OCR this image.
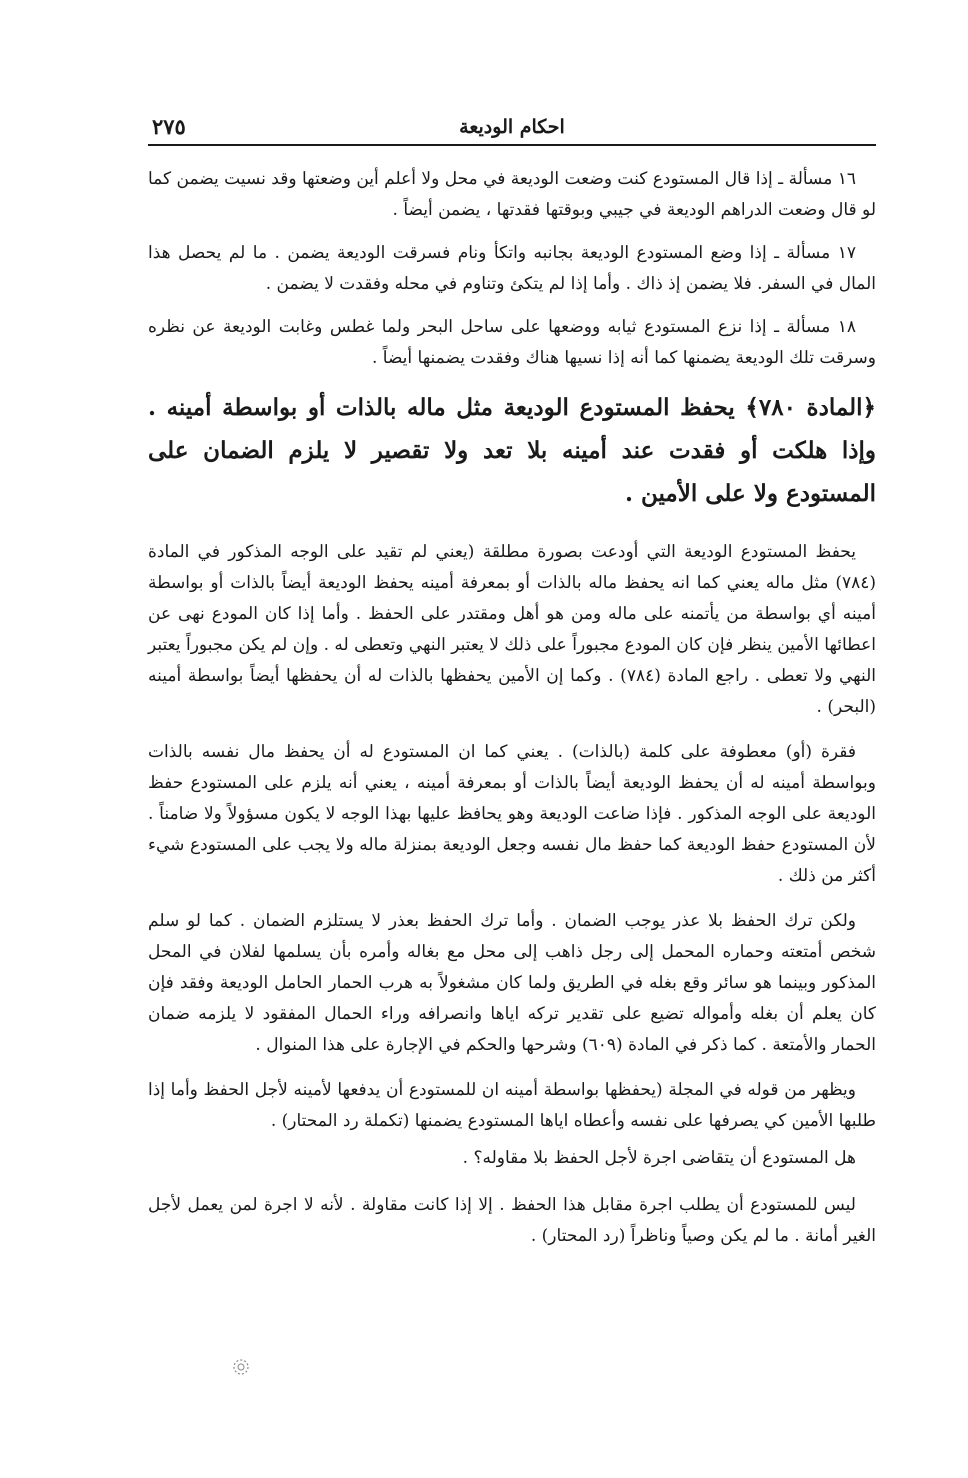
٢٧٥	احكام الوديعة

١٦ مسألة ـ إذا قال المستودع كنت وضعت الوديعة في محل ولا أعلم أين وضعتها وقد نسيت يضمن كما لو قال وضعت الدراهم الوديعة في جيبي وبوقتها فقدتها ، يضمن أيضاً .

١٧ مسألة ـ إذا وضع المستودع الوديعة بجانبه واتكأ ونام فسرقت الوديعة يضمن . ما لم يحصل هذا المال في السفر. فلا يضمن إذ ذاك . وأما إذا لم يتكئ وتناوم في محله وفقدت لا يضمن .

١٨ مسألة ـ إذا نزع المستودع ثيابه ووضعها على ساحل البحر ولما غطس وغابت الوديعة عن نظره وسرقت تلك الوديعة يضمنها كما أنه إذا نسيها هناك وفقدت يضمنها أيضاً .

﴿المادة ٧٨٠﴾ يحفظ المستودع الوديعة مثل ماله بالذات أو بواسطة أمينه . وإذا هلكت أو فقدت عند أمينه بلا تعد ولا تقصير لا يلزم الضمان على المستودع ولا على الأمين .

يحفظ المستودع الوديعة التي أودعت بصورة مطلقة (يعني لم تقيد على الوجه المذكور في المادة (٧٨٤) مثل ماله يعني كما انه يحفظ ماله بالذات أو بمعرفة أمينه يحفظ الوديعة أيضاً بالذات أو بواسطة أمينه أي بواسطة من يأتمنه على ماله ومن هو أهل ومقتدر على الحفظ . وأما إذا كان المودع نهى عن اعطائها الأمين ينظر فإن كان المودع مجبوراً على ذلك لا يعتبر النهي وتعطى له . وإن لم يكن مجبوراً يعتبر النهي ولا تعطى . راجع المادة (٧٨٤) . وكما إن الأمين يحفظها بالذات له أن يحفظها أيضاً بواسطة أمينه (البحر) .

فقرة (أو) معطوفة على كلمة (بالذات) . يعني كما ان المستودع له أن يحفظ مال نفسه بالذات وبواسطة أمينه له أن يحفظ الوديعة أيضاً بالذات أو بمعرفة أمينه ، يعني أنه يلزم على المستودع حفظ الوديعة على الوجه المذكور . فإذا ضاعت الوديعة وهو يحافظ عليها بهذا الوجه لا يكون مسؤولاً ولا ضامناً . لأن المستودع حفظ الوديعة كما حفظ مال نفسه وجعل الوديعة بمنزلة ماله ولا يجب على المستودع شيء أكثر من ذلك .

ولكن ترك الحفظ بلا عذر يوجب الضمان . وأما ترك الحفظ بعذر لا يستلزم الضمان . كما لو سلم شخص أمتعته وحماره المحمل إلى رجل ذاهب إلى محل مع بغاله وأمره بأن يسلمها لفلان في المحل المذكور وبينما هو سائر وقع بغله في الطريق ولما كان مشغولاً به هرب الحمار الحامل الوديعة وفقد فإن كان يعلم أن بغله وأمواله تضيع على تقدير تركه اياها وانصرافه وراء الحمال المفقود لا يلزمه ضمان الحمار والأمتعة . كما ذكر في المادة (٦٠٩) وشرحها والحكم في الإجارة على هذا المنوال .

ويظهر من قوله في المجلة (يحفظها بواسطة أمينه ان للمستودع أن يدفعها لأمينه لأجل الحفظ وأما إذا طلبها الأمين كي يصرفها على نفسه وأعطاه اياها المستودع يضمنها (تكملة رد المحتار) .

هل المستودع أن يتقاضى اجرة لأجل الحفظ بلا مقاوله؟ .

ليس للمستودع أن يطلب اجرة مقابل هذا الحفظ . إلا إذا كانت مقاولة . لأنه لا اجرة لمن يعمل لأجل الغير أمانة . ما لم يكن وصياً وناظراً (رد المحتار) .
